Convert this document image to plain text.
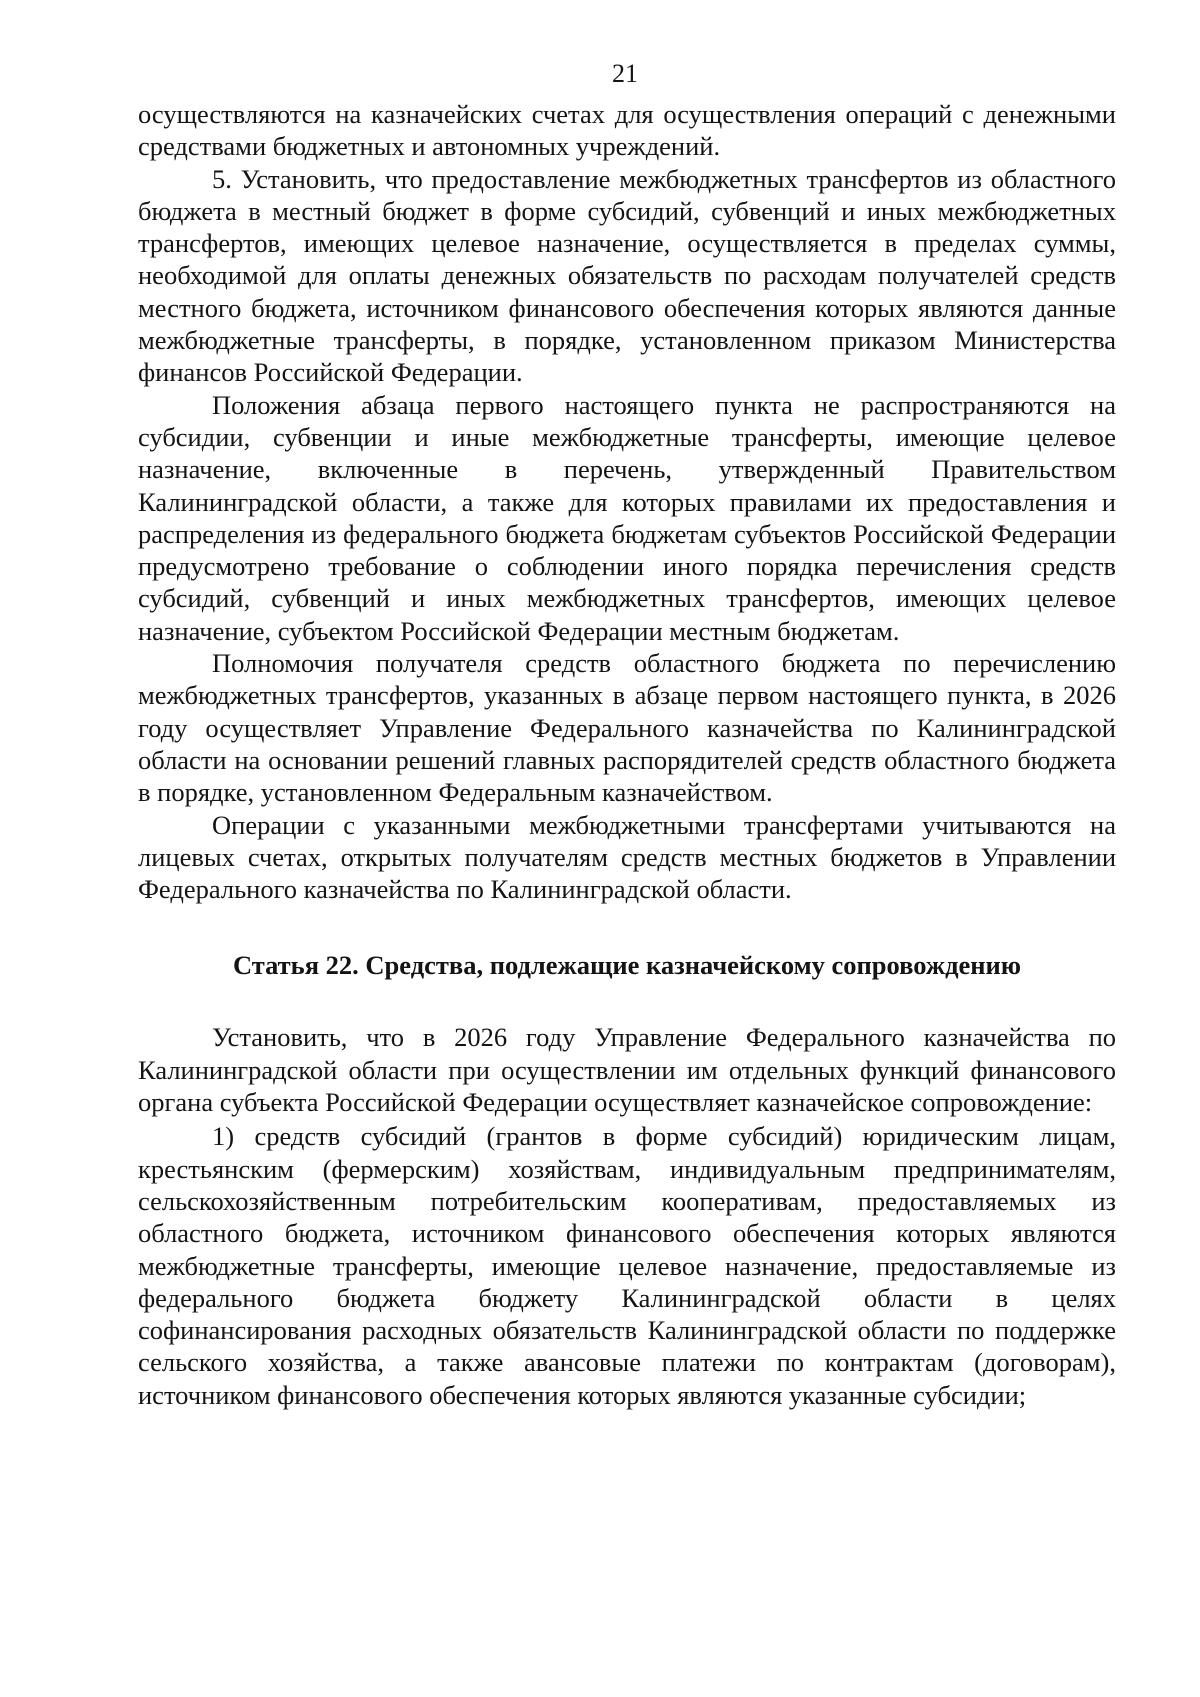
21

осуществляются на казначейских счетах для осуществления операций с денежными средствами бюджетных и автономных учреждений.

5. Установить, что предоставление межбюджетных трансфертов из областного бюджета в местный бюджет в форме субсидий, субвенций и иных межбюджетных трансфертов, имеющих целевое назначение, осуществляется в пределах суммы, необходимой для оплаты денежных обязательств по расходам получателей средств местного бюджета, источником финансового обеспечения которых являются данные межбюджетные трансферты, в порядке, установленном приказом Министерства финансов Российской Федерации.

Положения абзаца первого настоящего пункта не распространяются на субсидии, субвенции и иные межбюджетные трансферты, имеющие целевое назначение, включенные в перечень, утвержденный Правительством Калининградской области, а также для которых правилами их предоставления и распределения из федерального бюджета бюджетам субъектов Российской Федерации предусмотрено требование о соблюдении иного порядка перечисления средств субсидий, субвенций и иных межбюджетных трансфертов, имеющих целевое назначение, субъектом Российской Федерации местным бюджетам.

Полномочия получателя средств областного бюджета по перечислению межбюджетных трансфертов, указанных в абзаце первом настоящего пункта, в 2026 году осуществляет Управление Федерального казначейства по Калининградской области на основании решений главных распорядителей средств областного бюджета в порядке, установленном Федеральным казначейством.

Операции с указанными межбюджетными трансфертами учитываются на лицевых счетах, открытых получателям средств местных бюджетов в Управлении Федерального казначейства по Калининградской области.

Статья 22. Средства, подлежащие казначейскому сопровождению

Установить, что в 2026 году Управление Федерального казначейства по Калининградской области при осуществлении им отдельных функций финансового органа субъекта Российской Федерации осуществляет казначейское сопровождение:

1) средств субсидий (грантов в форме субсидий) юридическим лицам, крестьянским (фермерским) хозяйствам, индивидуальным предпринимателям, сельскохозяйственным потребительским кооперативам, предоставляемых из областного бюджета, источником финансового обеспечения которых являются межбюджетные трансферты, имеющие целевое назначение, предоставляемые из федерального бюджета бюджету Калининградской области в целях софинансирования расходных обязательств Калининградской области по поддержке сельского хозяйства, а также авансовые платежи по контрактам (договорам), источником финансового обеспечения которых являются указанные субсидии;
